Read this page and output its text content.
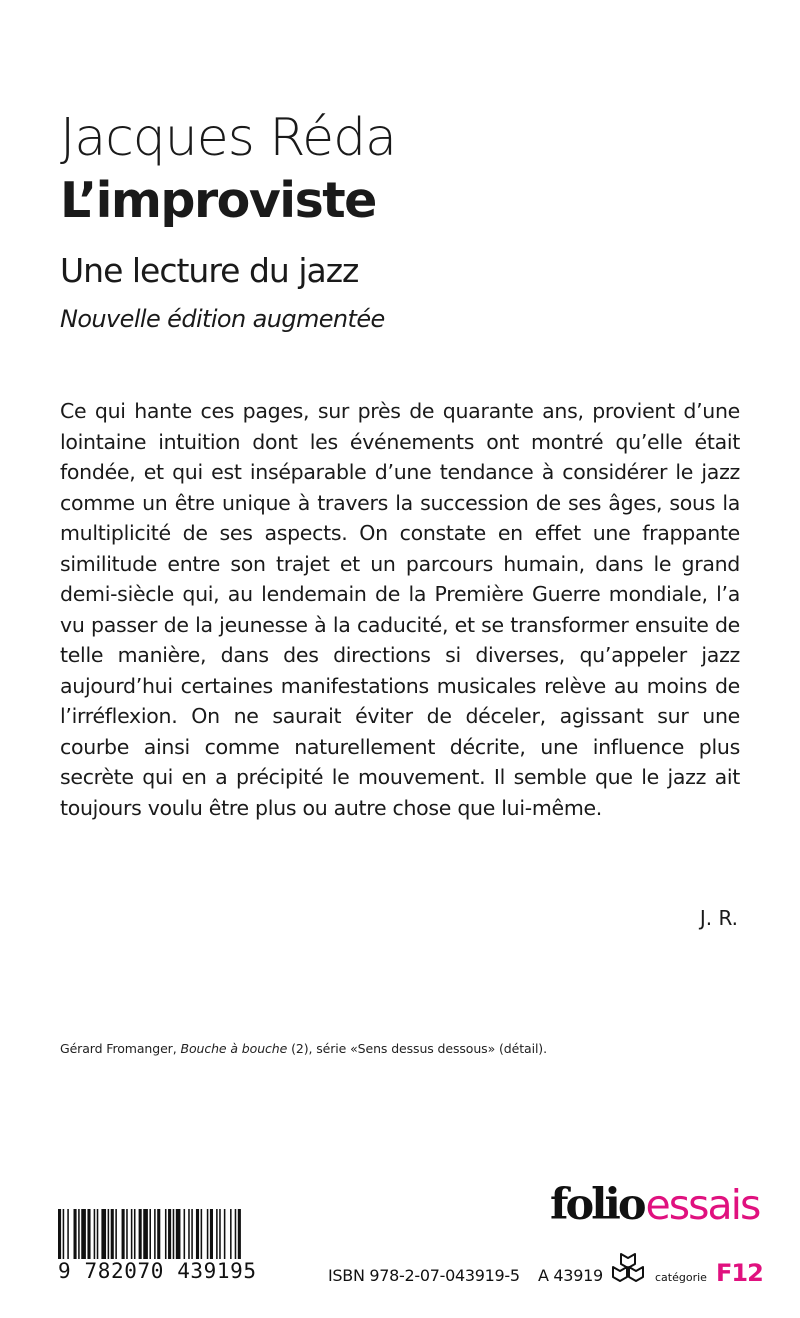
Jacques Réda
L’improviste
Une lecture du jazz
Nouvelle édition augmentée
Ce qui hante ces pages, sur près de quarante ans, provient d’une lointaine intuition dont les événements ont montré qu’elle était fondée, et qui est inséparable d’une tendance à considérer le jazz comme un être unique à travers la succession de ses âges, sous la multiplicité de ses aspects. On constate en effet une frappante similitude entre son trajet et un parcours humain, dans le grand demi-siècle qui, au lendemain de la Première Guerre mondiale, l’a vu passer de la jeunesse à la caducité, et se transformer ensuite de telle manière, dans des directions si diverses, qu’appeler jazz aujourd’hui certaines manifestations musicales relève au moins de l’irréflexion. On ne saurait éviter de déceler, agissant sur une courbe ainsi comme naturellement décrite, une influence plus secrète qui en a précipité le mouvement. Il semble que le jazz ait toujours voulu être plus ou autre chose que lui-même.
J. R.
Gérard Fromanger, Bouche à bouche (2), série «Sens dessus dessous» (détail).
folio essais
9 782070 439195	ISBN 978-2-07-043919-5 A 43919	catégorie F12
